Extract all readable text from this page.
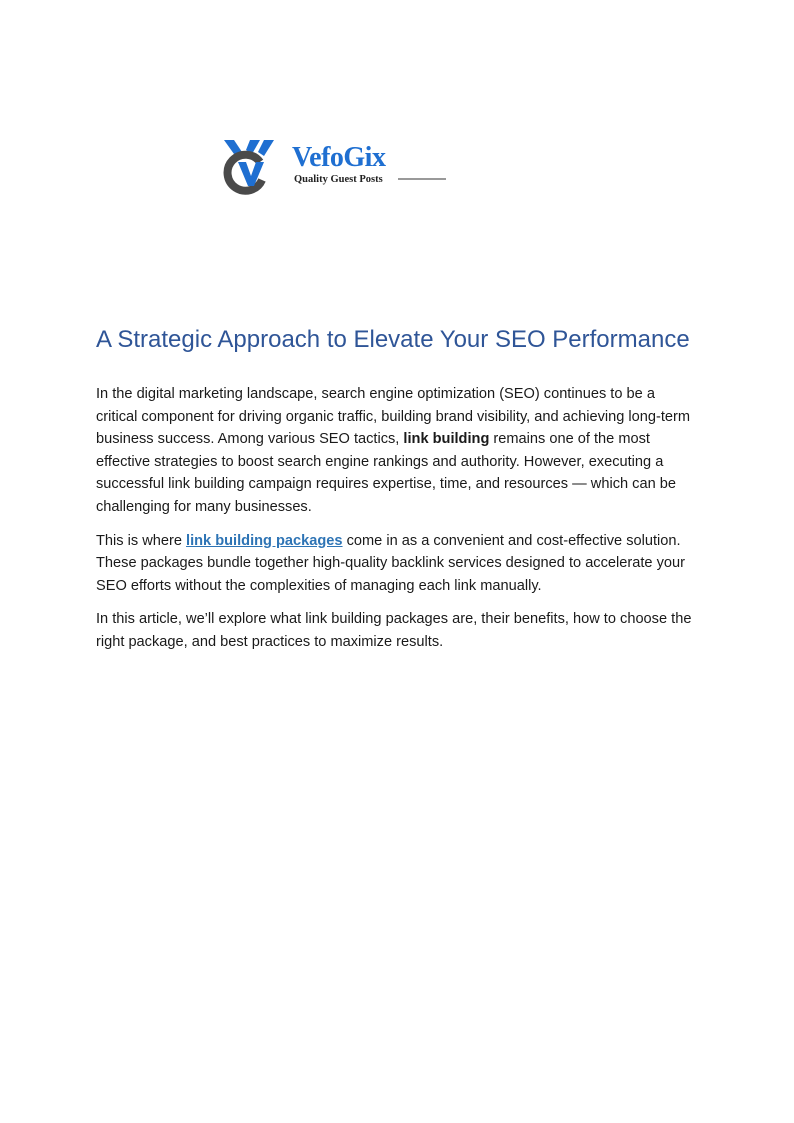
VefoGix
Quality Guest Posts
A Strategic Approach to Elevate Your SEO Performance

In the digital marketing landscape, search engine optimization (SEO) continues to be a critical component for driving organic traffic, building brand visibility, and achieving long-term business success. Among various SEO tactics, link building remains one of the most effective strategies to boost search engine rankings and authority. However, executing a successful link building campaign requires expertise, time, and resources — which can be challenging for many businesses.

This is where link building packages come in as a convenient and cost-effective solution. These packages bundle together high-quality backlink services designed to accelerate your SEO efforts without the complexities of managing each link manually.

In this article, we’ll explore what link building packages are, their benefits, how to choose the right package, and best practices to maximize results.
